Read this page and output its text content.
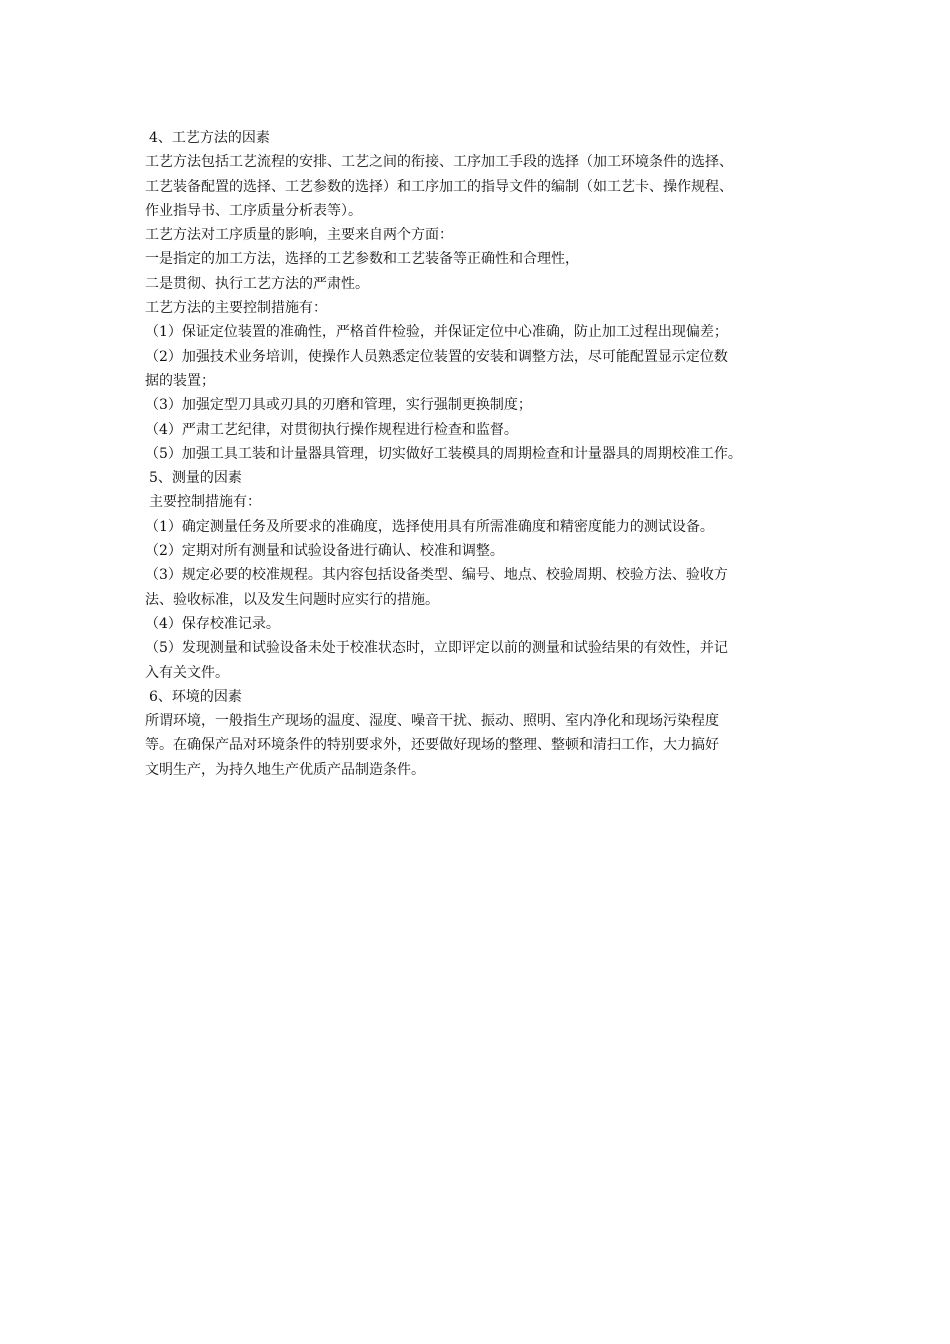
4、工艺方法的因素

工艺方法包括工艺流程的安排、工艺之间的衔接、工序加工手段的选择（加工环境条件的选择、

工艺装备配置的选择、工艺参数的选择）和工序加工的指导文件的编制（如工艺卡、操作规程、

作业指导书、工序质量分析表等）。

工艺方法对工序质量的影响，主要来自两个方面：

一是指定的加工方法，选择的工艺参数和工艺装备等正确性和合理性，

二是贯彻、执行工艺方法的严肃性。

工艺方法的主要控制措施有：

（1）保证定位装置的准确性，严格首件检验，并保证定位中心准确，防止加工过程出现偏差；

（2）加强技术业务培训，使操作人员熟悉定位装置的安装和调整方法，尽可能配置显示定位数

据的装置；

（3）加强定型刀具或刃具的刃磨和管理，实行强制更换制度；

（4）严肃工艺纪律，对贯彻执行操作规程进行检查和监督。

（5）加强工具工装和计量器具管理，切实做好工装模具的周期检查和计量器具的周期校准工作。

5、测量的因素

主要控制措施有：

（1）确定测量任务及所要求的准确度，选择使用具有所需准确度和精密度能力的测试设备。

（2）定期对所有测量和试验设备进行确认、校准和调整。

（3）规定必要的校准规程。其内容包括设备类型、编号、地点、校验周期、校验方法、验收方

法、验收标准，以及发生问题时应实行的措施。

（4）保存校准记录。

（5）发现测量和试验设备未处于校准状态时，立即评定以前的测量和试验结果的有效性，并记

入有关文件。

6、环境的因素

所谓环境，一般指生产现场的温度、湿度、噪音干扰、振动、照明、室内净化和现场污染程度

等。在确保产品对环境条件的特别要求外，还要做好现场的整理、整顿和清扫工作，大力搞好

文明生产，为持久地生产优质产品制造条件。
